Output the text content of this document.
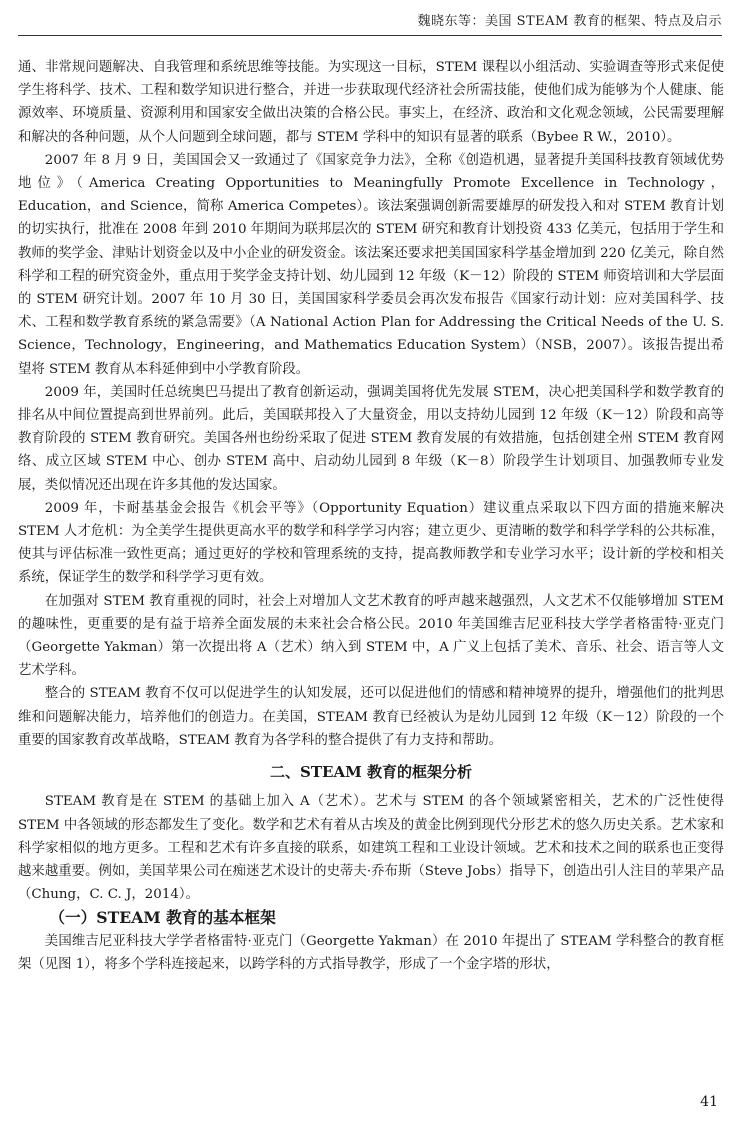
魏晓东等：美国 STEAM 教育的框架、特点及启示

通、非常规问题解决、自我管理和系统思维等技能。为实现这一目标，STEM 课程以小组活动、实验调查等形式来促使学生将科学、技术、工程和数学知识进行整合，并进一步获取现代经济社会所需技能，使他们成为能够为个人健康、能源效率、环境质量、资源利用和国家安全做出决策的合格公民。事实上，在经济、政治和文化观念领域，公民需要理解和解决的各种问题，从个人问题到全球问题，都与 STEM 学科中的知识有显著的联系（Bybee R W.，2010）。

2007 年 8 月 9 日，美国国会又一致通过了《国家竞争力法》，全称《创造机遇，显著提升美国科技教育领域优势地位》（America Creating Opportunities to Meaningfully Promote Excellence in Technology，Education，and Science，简称 America Competes）。该法案强调创新需要雄厚的研发投入和对 STEM 教育计划的切实执行，批准在 2008 年到 2010 年期间为联邦层次的 STEM 研究和教育计划投资 433 亿美元，包括用于学生和教师的奖学金、津贴计划资金以及中小企业的研发资金。该法案还要求把美国国家科学基金增加到 220 亿美元，除自然科学和工程的研究资金外，重点用于奖学金支持计划、幼儿园到 12 年级（K－12）阶段的 STEM 师资培训和大学层面的 STEM 研究计划。2007 年 10 月 30 日，美国国家科学委员会再次发布报告《国家行动计划：应对美国科学、技术、工程和数学教育系统的紧急需要》（A National Action Plan for Addressing the Critical Needs of the U. S. Science，Technology，Engineering，and Mathematics Education System）（NSB，2007）。该报告提出希望将 STEM 教育从本科延伸到中小学教育阶段。

2009 年，美国时任总统奥巴马提出了教育创新运动，强调美国将优先发展 STEM，决心把美国科学和数学教育的排名从中间位置提高到世界前列。此后，美国联邦投入了大量资金，用以支持幼儿园到 12 年级（K－12）阶段和高等教育阶段的 STEM 教育研究。美国各州也纷纷采取了促进 STEM 教育发展的有效措施，包括创建全州 STEM 教育网络、成立区域 STEM 中心、创办 STEM 高中、启动幼儿园到 8 年级（K－8）阶段学生计划项目、加强教师专业发展，类似情况还出现在许多其他的发达国家。

2009 年，卡耐基基金会报告《机会平等》（Opportunity Equation）建议重点采取以下四方面的措施来解决 STEM 人才危机：为全美学生提供更高水平的数学和科学学习内容；建立更少、更清晰的数学和科学学科的公共标准，使其与评估标准一致性更高；通过更好的学校和管理系统的支持，提高教师教学和专业学习水平；设计新的学校和相关系统，保证学生的数学和科学学习更有效。

在加强对 STEM 教育重视的同时，社会上对增加人文艺术教育的呼声越来越强烈，人文艺术不仅能够增加 STEM 的趣味性，更重要的是有益于培养全面发展的未来社会合格公民。2010 年美国维吉尼亚科技大学学者格雷特·亚克门（Georgette Yakman）第一次提出将 A（艺术）纳入到 STEM 中，A 广义上包括了美术、音乐、社会、语言等人文艺术学科。

整合的 STEAM 教育不仅可以促进学生的认知发展，还可以促进他们的情感和精神境界的提升，增强他们的批判思维和问题解决能力，培养他们的创造力。在美国，STEAM 教育已经被认为是幼儿园到 12 年级（K－12）阶段的一个重要的国家教育改革战略，STEAM 教育为各学科的整合提供了有力支持和帮助。

二、STEAM 教育的框架分析

STEAM 教育是在 STEM 的基础上加入 A（艺术）。艺术与 STEM 的各个领域紧密相关，艺术的广泛性使得 STEM 中各领域的形态都发生了变化。数学和艺术有着从古埃及的黄金比例到现代分形艺术的悠久历史关系。艺术家和科学家相似的地方更多。工程和艺术有许多直接的联系，如建筑工程和工业设计领域。艺术和技术之间的联系也正变得越来越重要。例如，美国苹果公司在痴迷艺术设计的史蒂夫·乔布斯（Steve Jobs）指导下，创造出引人注目的苹果产品（Chung，C. C. J，2014）。

（一）STEAM 教育的基本框架

美国维吉尼亚科技大学学者格雷特·亚克门（Georgette Yakman）在 2010 年提出了 STEAM 学科整合的教育框架（见图 1），将多个学科连接起来，以跨学科的方式指导教学，形成了一个金字塔的形状，

41
